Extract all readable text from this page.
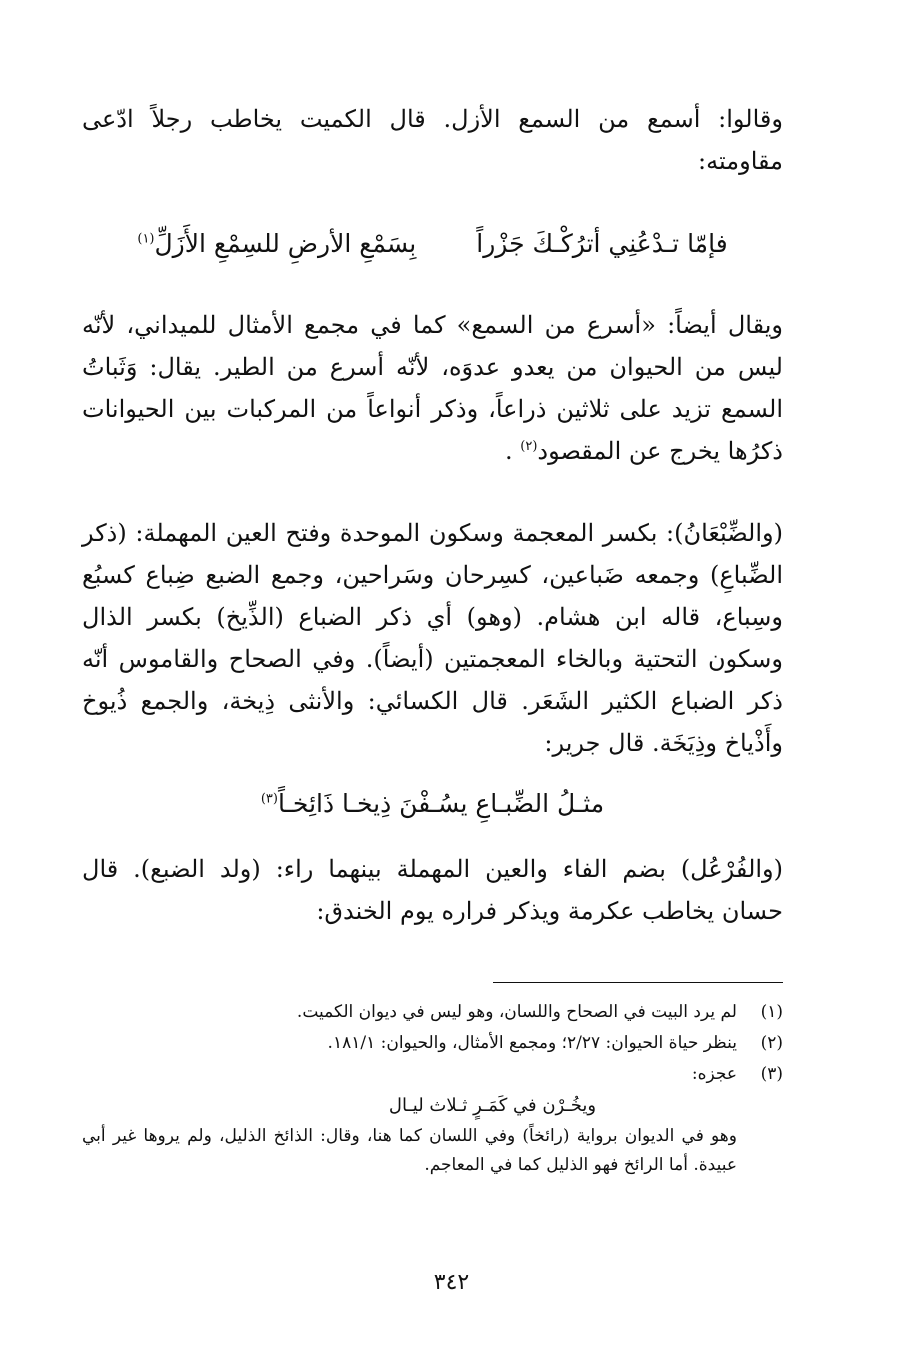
وقالوا: أسمع من السمع الأزل. قال الكميت يخاطب رجلاً ادّعى مقاومته:

فإمّا تـدْعُنِي أترُكْـكَ جَزْراً
بِسَمْعِ الأرضِ للسِمْعِ الأَزَلِّ$^{(١)}$

ويقال أيضاً: «أسرع من السمع» كما في مجمع الأمثال للميداني، لأنّه ليس من الحيوان من يعدو عدوَه، لأنّه أسرع من الطير. يقال: وَثَباتُ السمع تزيد على ثلاثين ذراعاً، وذكر أنواعاً من المركبات بين الحيوانات ذكرُها يخرج عن المقصود$^{(٢)}$ .

(والضِّبْعَانُ): بكسر المعجمة وسكون الموحدة وفتح العين المهملة: (ذكر الضِّباعِ) وجمعه ضَباعين، كسِرحان وسَراحين، وجمع الضبع ضِباع كسبُع وسِباع، قاله ابن هشام. (وهو) أي ذكر الضباع (الذِّيخ) بكسر الذال وسكون التحتية وبالخاء المعجمتين (أيضاً). وفي الصحاح والقاموس أنّه ذكر الضباع الكثير الشَعَر. قال الكسائي: والأنثى ذِيخة، والجمع ذُيوخ وأَذْياخ وذِيَخَة. قال جرير:

مثـلُ الضِّبـاعِ يسُـفْنَ ذِيخـا ذَائِخـاً$^{(٣)}$

(والفُرْعُل) بضم الفاء والعين المهملة بينهما راء: (ولد الضبع). قال حسان يخاطب عكرمة ويذكر فراره يوم الخندق:

(١)لم يرد البيت في الصحاح واللسان، وهو ليس في ديوان الكميت.

(٢)ينظر حياة الحيوان: ٢/٢٧؛ ومجمع الأمثال، والحيوان: ١٨١/١.

(٣)عجزه:

ويخُـرْن في كَمَـرٍ ثـلاث ليـال

وهو في الديوان برواية (رائخاً) وفي اللسان كما هنا، وقال: الذائخ الذليل، ولم يروها غير أبي عبيدة. أما الرائخ فهو الذليل كما في المعاجم.

٣٤٢
